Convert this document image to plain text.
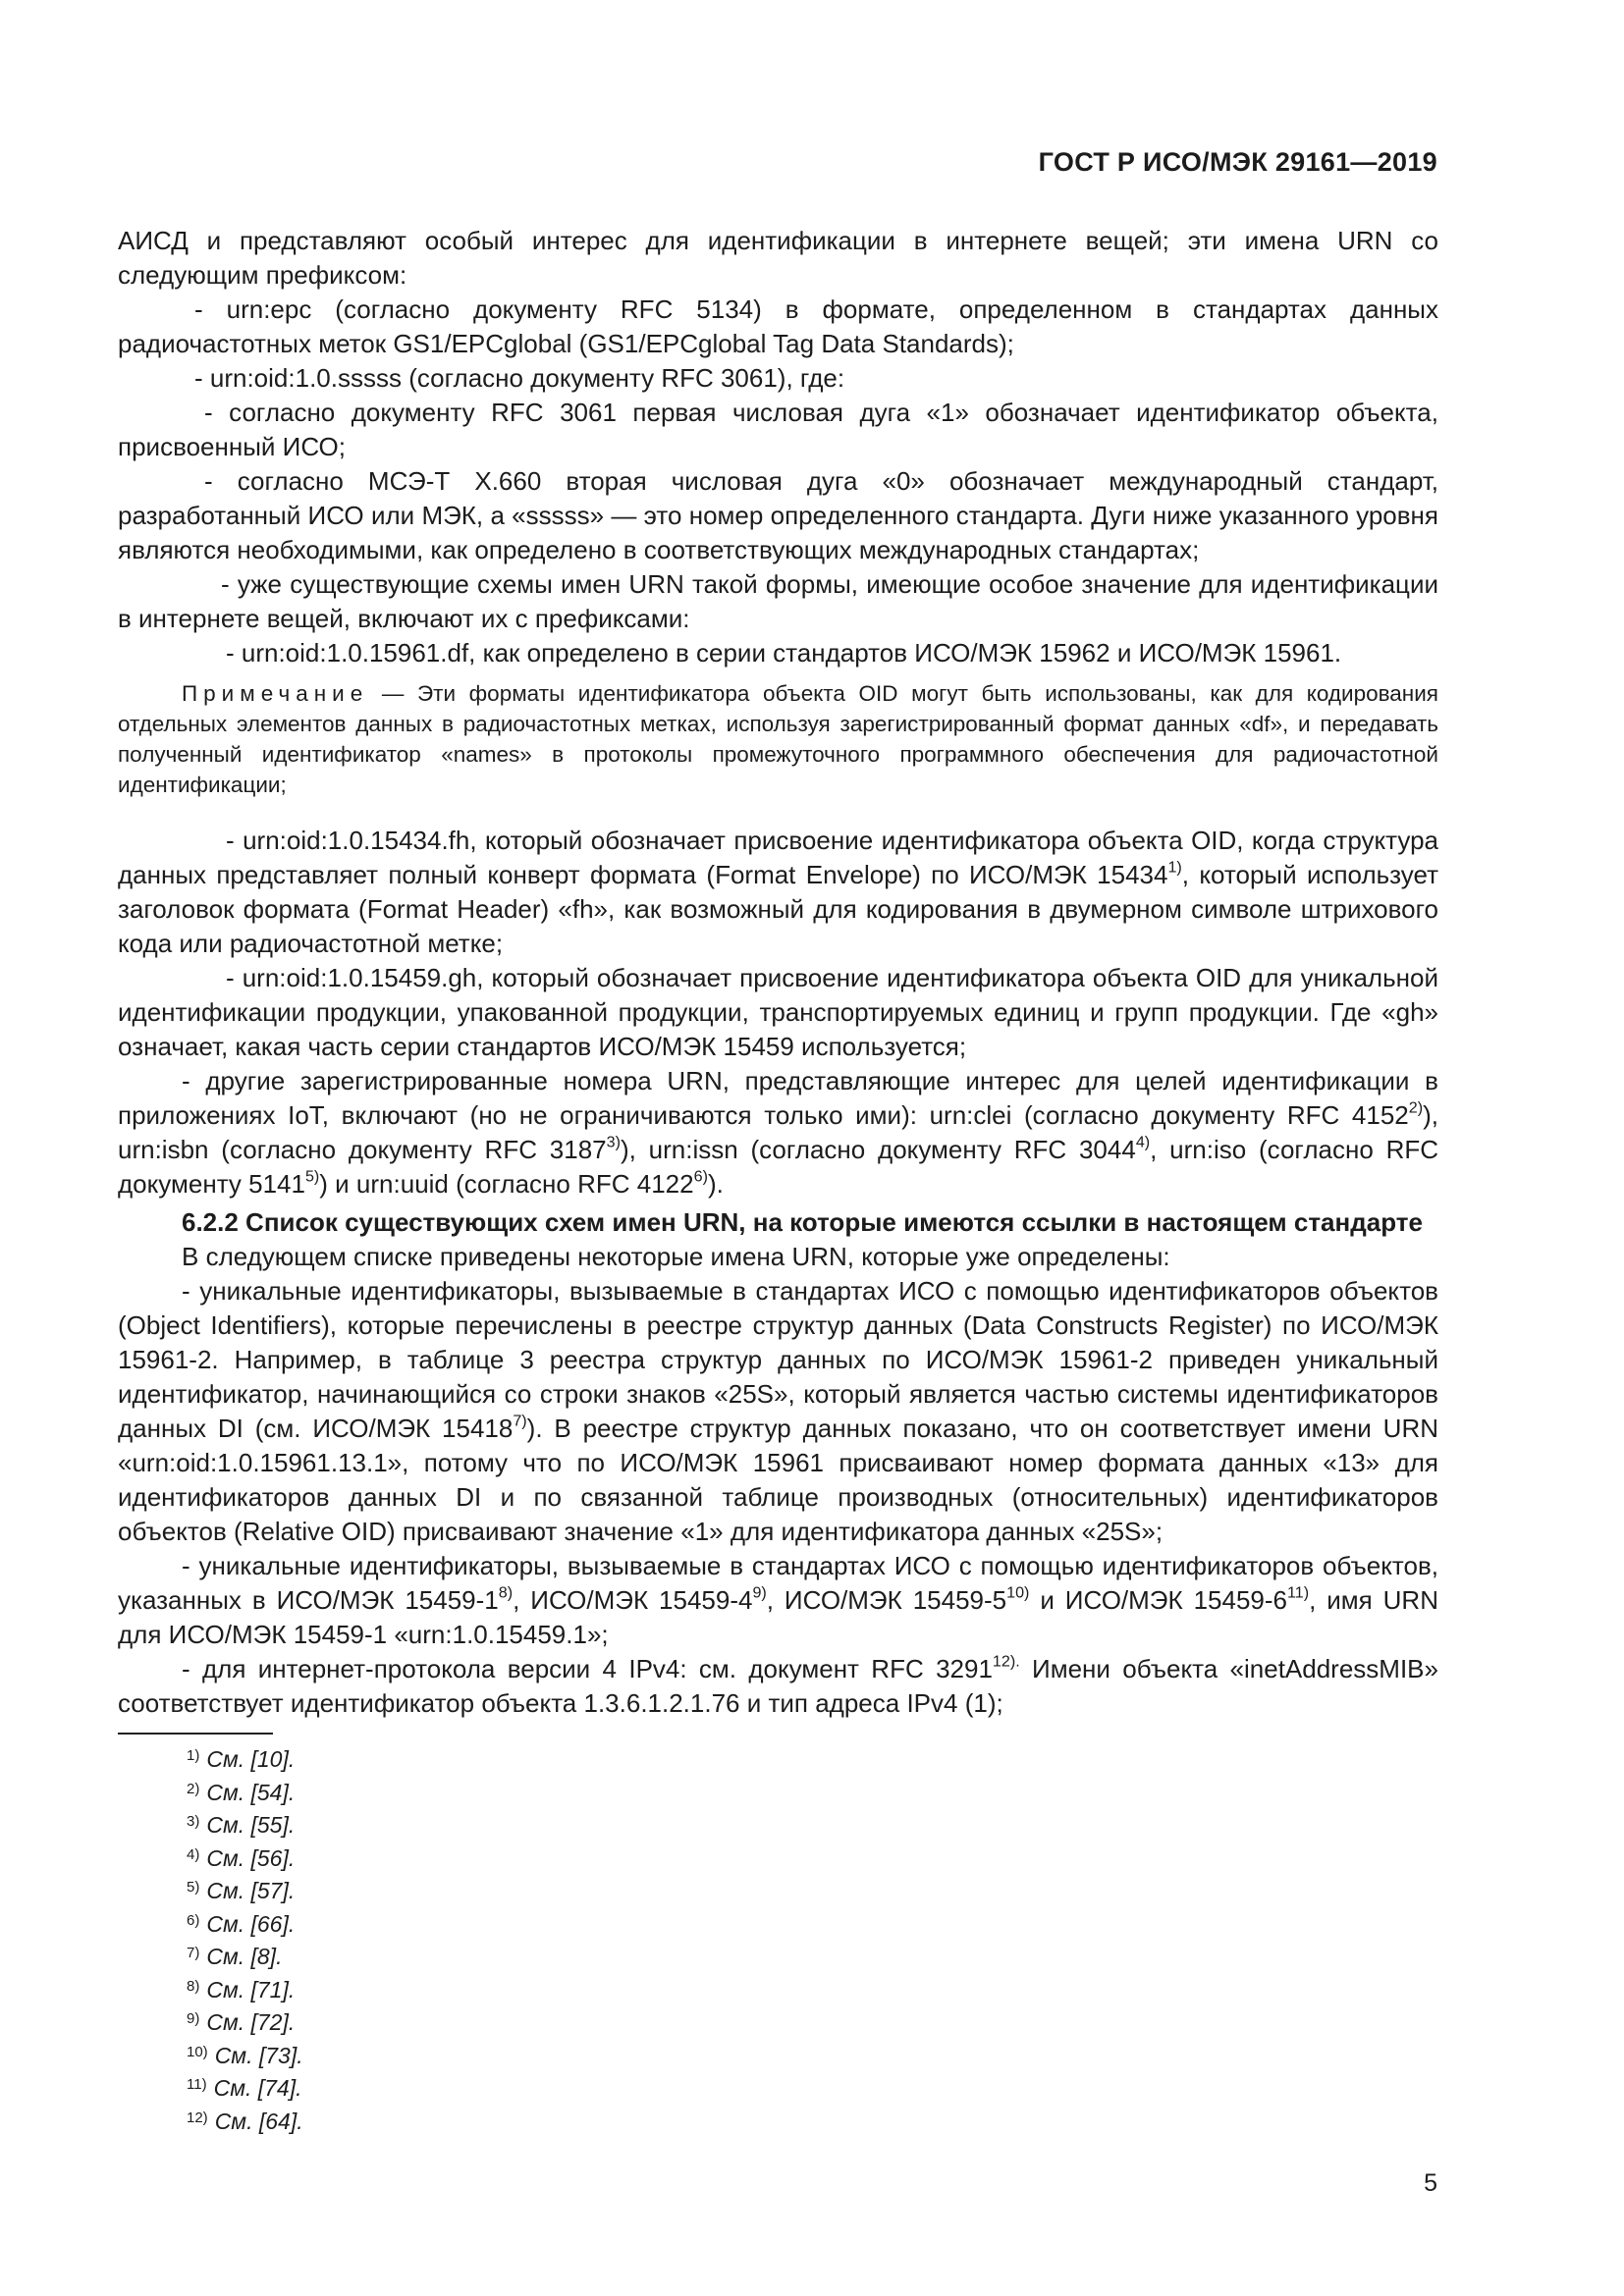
ГОСТ Р ИСО/МЭК 29161—2019

АИСД и представляют особый интерес для идентификации в интернете вещей; эти имена URN со следующим префиксом:

- urn:epc (согласно документу RFC 5134) в формате, определенном в стандартах данных радиочастотных меток GS1/EPCglobal (GS1/EPCglobal Tag Data Standards);

- urn:oid:1.0.sssss (согласно документу RFC 3061), где:

- согласно документу RFC 3061 первая числовая дуга «1» обозначает идентификатор объекта, присвоенный ИСО;

- согласно МСЭ-Т X.660 вторая числовая дуга «0» обозначает международный стандарт, разработанный ИСО или МЭК, а «sssss» — это номер определенного стандарта. Дуги ниже указанного уровня являются необходимыми, как определено в соответствующих международных стандартах;

- уже существующие схемы имен URN такой формы, имеющие особое значение для идентификации в интернете вещей, включают их с префиксами:

- urn:oid:1.0.15961.df, как определено в серии стандартов ИСО/МЭК 15962 и ИСО/МЭК 15961.

Примечание — Эти форматы идентификатора объекта OID могут быть использованы, как для кодирования отдельных элементов данных в радиочастотных метках, используя зарегистрированный формат данных «df», и передавать полученный идентификатор «names» в протоколы промежуточного программного обеспечения для радиочастотной идентификации;

- urn:oid:1.0.15434.fh, который обозначает присвоение идентификатора объекта OID, когда структура данных представляет полный конверт формата (Format Envelope) по ИСО/МЭК 15434$^{1)}$, который использует заголовок формата (Format Header) «fh», как возможный для кодирования в двумерном символе штрихового кода или радиочастотной метке;

- urn:oid:1.0.15459.gh, который обозначает присвоение идентификатора объекта OID для уникальной идентификации продукции, упакованной продукции, транспортируемых единиц и групп продукции. Где «gh» означает, какая часть серии стандартов ИСО/МЭК 15459 используется;

- другие зарегистрированные номера URN, представляющие интерес для целей идентификации в приложениях IoT, включают (но не ограничиваются только ими): urn:clei (согласно документу RFC 4152$^{2)}$), urn:isbn (согласно документу RFC 3187$^{3)}$), urn:issn (согласно документу RFC 3044$^{4)}$, urn:iso (согласно RFC документу 5141$^{5)}$) и urn:uuid (согласно RFC 4122$^{6)}$).

6.2.2 Список существующих схем имен URN, на которые имеются ссылки в настоящем стандарте

В следующем списке приведены некоторые имена URN, которые уже определены:

- уникальные идентификаторы, вызываемые в стандартах ИСО с помощью идентификаторов объектов (Object Identifiers), которые перечислены в реестре структур данных (Data Constructs Register) по ИСО/МЭК 15961-2. Например, в таблице 3 реестра структур данных по ИСО/МЭК 15961-2 приведен уникальный идентификатор, начинающийся со строки знаков «25S», который является частью системы идентификаторов данных DI (см. ИСО/МЭК 15418$^{7)}$). В реестре структур данных показано, что он соответствует имени URN «urn:oid:1.0.15961.13.1», потому что по ИСО/МЭК 15961 присваивают номер формата данных «13» для идентификаторов данных DI и по связанной таблице производных (относительных) идентификаторов объектов (Relative OID) присваивают значение «1» для идентификатора данных «25S»;

- уникальные идентификаторы, вызываемые в стандартах ИСО с помощью идентификаторов объектов, указанных в ИСО/МЭК 15459-1$^{8)}$, ИСО/МЭК 15459-4$^{9)}$, ИСО/МЭК 15459-5$^{10)}$ и ИСО/МЭК 15459-6$^{11)}$, имя URN для ИСО/МЭК 15459-1 «urn:1.0.15459.1»;

- для интернет-протокола версии 4 IPv4: см. документ RFC $3291^{12).}$ Имени объекта «inetAddressMIB» соответствует идентификатор объекта 1.3.6.1.2.1.76 и тип адреса IPv4 (1);

$^{1)}$ См. [10].
$^{2)}$ См. [54].
$^{3)}$ См. [55].
$^{4)}$ См. [56].
$^{5)}$ См. [57].
$^{6)}$ См. [66].
$^{7)}$ См. [8].
$^{8)}$ См. [71].
$^{9)}$ См. [72].
$^{10)}$ См. [73].
$^{11)}$ См. [74].
$^{12)}$ См. [64].
5
